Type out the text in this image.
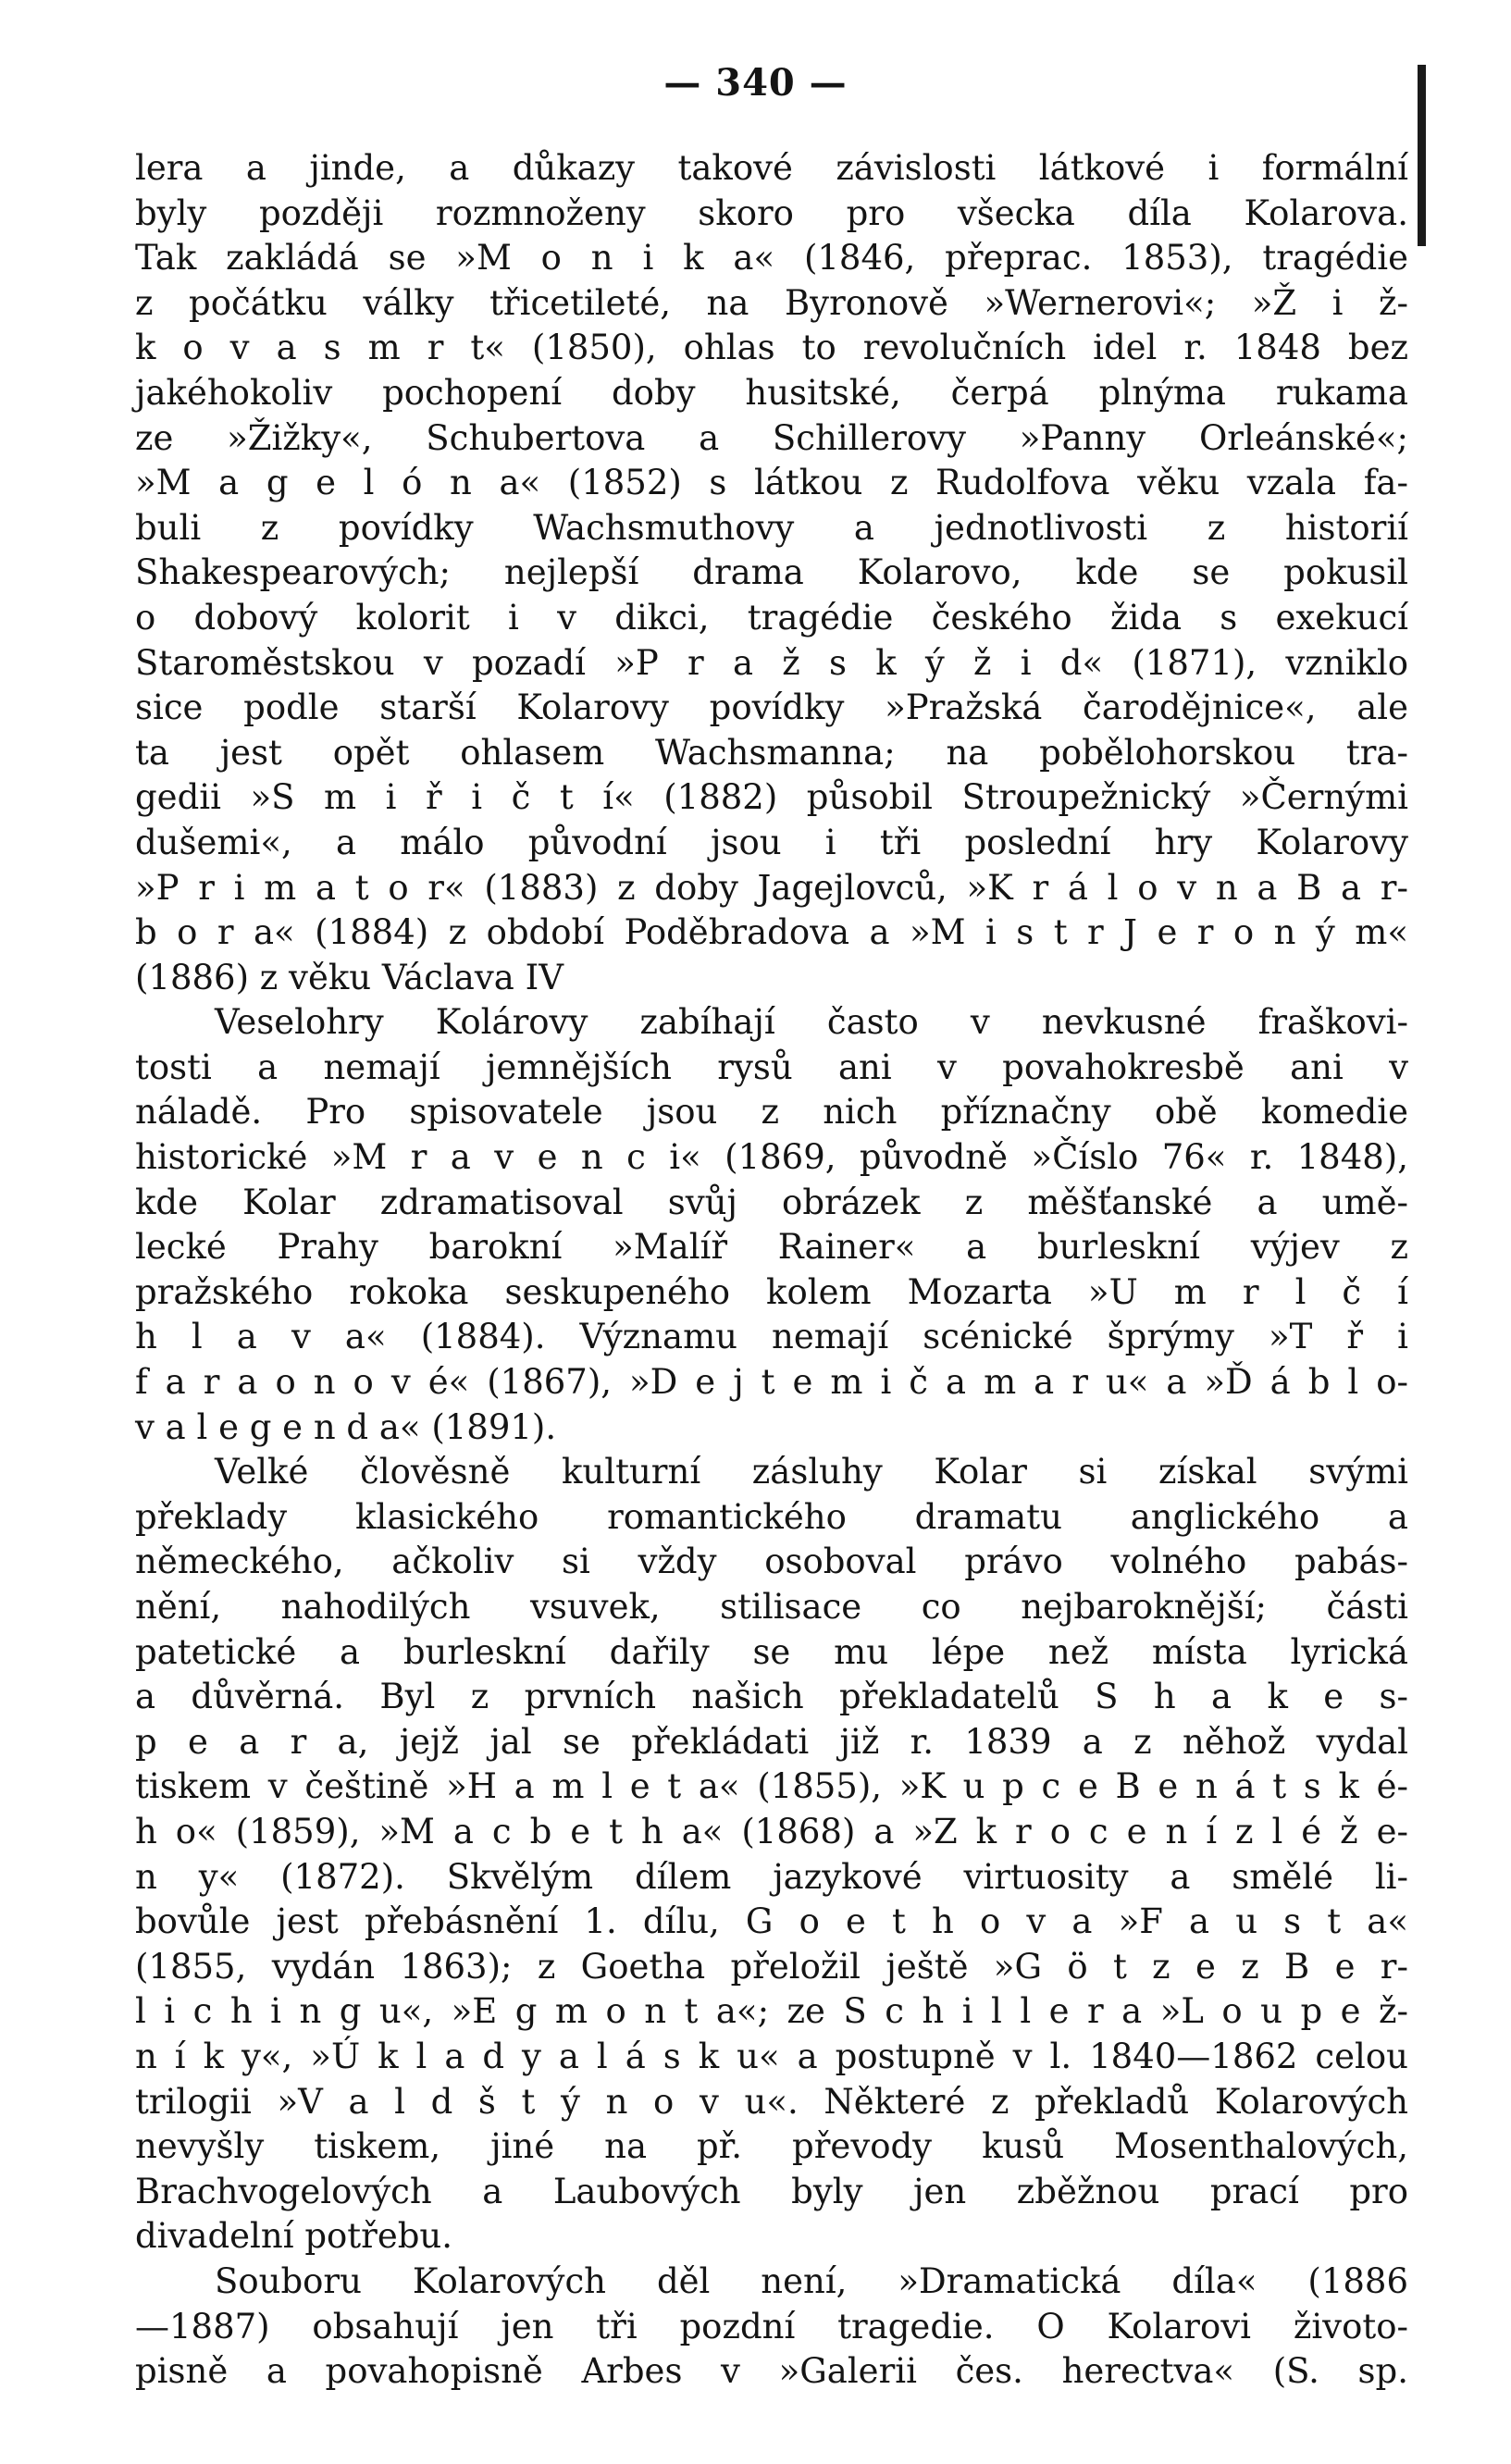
— 340 —
lera a jinde, a důkazy takové závislosti látkové i formální
byly později rozmnoženy skoro pro všecka díla Kolarova.
Tak zakládá se »M o n i k a« (1846, přeprac. 1853), tragédie
z počátku války třicetileté, na Byronově »Wernerovi«; »Ž i ž-
k o v a s m r t« (1850), ohlas to revolučních idel r. 1848 bez
jakéhokoliv pochopení doby husitské, čerpá plnýma rukama
ze »Žižky«, Schubertova a Schillerovy »Panny Orleánské«;
»M a g e l ó n a« (1852) s látkou z Rudolfova věku vzala fa-
buli z povídky Wachsmuthovy a jednotlivosti z historií
Shakespearových; nejlepší drama Kolarovo, kde se pokusil
o dobový kolorit i v dikci, tragédie českého žida s exekucí
Staroměstskou v pozadí »P r a ž s k ý ž i d« (1871), vzniklo
sice podle starší Kolarovy povídky »Pražská čarodějnice«, ale
ta jest opět ohlasem Wachsmanna; na pobělohorskou tra-
gedii »S m i ř i č t í« (1882) působil Stroupežnický »Černými
dušemi«, a málo původní jsou i tři poslední hry Kolarovy
»P r i m a t o r« (1883) z doby Jagejlovců, »K r á l o v n a B a r-
b o r a« (1884) z období Poděbradova a »M i s t r J e r o n ý m«
(1886) z věku Václava IV
Veselohry Kolárovy zabíhají často v nevkusné fraškovi-
tosti a nemají jemnějších rysů ani v povahokresbě ani v
náladě. Pro spisovatele jsou z nich příznačny obě komedie
historické »M r a v e n c i« (1869, původně »Číslo 76« r. 1848),
kde Kolar zdramatisoval svůj obrázek z měšťanské a umě-
lecké Prahy barokní »Malíř Rainer« a burleskní výjev z
pražského rokoka seskupeného kolem Mozarta »U m r l č í
h l a v a« (1884). Významu nemají scénické šprýmy »T ř i
f a r a o n o v é« (1867), »D e j t e m i č a m a r u« a »Ď á b l o-
v a l e g e n d a« (1891).
Velké člověsně kulturní zásluhy Kolar si získal svými
překlady klasického romantického dramatu anglického a
německého, ačkoliv si vždy osoboval právo volného pabás-
nění, nahodilých vsuvek, stilisace co nejbaroknější; části
patetické a burleskní dařily se mu lépe než místa lyrická
a důvěrná. Byl z prvních našich překladatelů S h a k e s-
p e a r a, jejž jal se překládati již r. 1839 a z něhož vydal
tiskem v češtině »H a m l e t a« (1855), »K u p c e B e n á t s k é-
h o« (1859), »M a c b e t h a« (1868) a »Z k r o c e n í z l é ž e-
n y« (1872). Skvělým dílem jazykové virtuosity a smělé li-
bovůle jest přebásnění 1. dílu, G o e t h o v a »F a u s t a«
(1855, vydán 1863); z Goetha přeložil ještě »G ö t z e z B e r-
l i c h i n g u«, »E g m o n t a«; ze S c h i l l e r a »L o u p e ž-
n í k y«, »Ú k l a d y a l á s k u« a postupně v l. 1840—1862 celou
trilogii »V a l d š t ý n o v u«. Některé z překladů Kolarových
nevyšly tiskem, jiné na př. převody kusů Mosenthalových,
Brachvogelových a Laubových byly jen zběžnou prací pro
divadelní potřebu.
Souboru Kolarových děl není, »Dramatická díla« (1886
—1887) obsahují jen tři pozdní tragedie. O Kolarovi životo-
pisně a povahopisně Arbes v »Galerii čes. herectva« (S. sp.
